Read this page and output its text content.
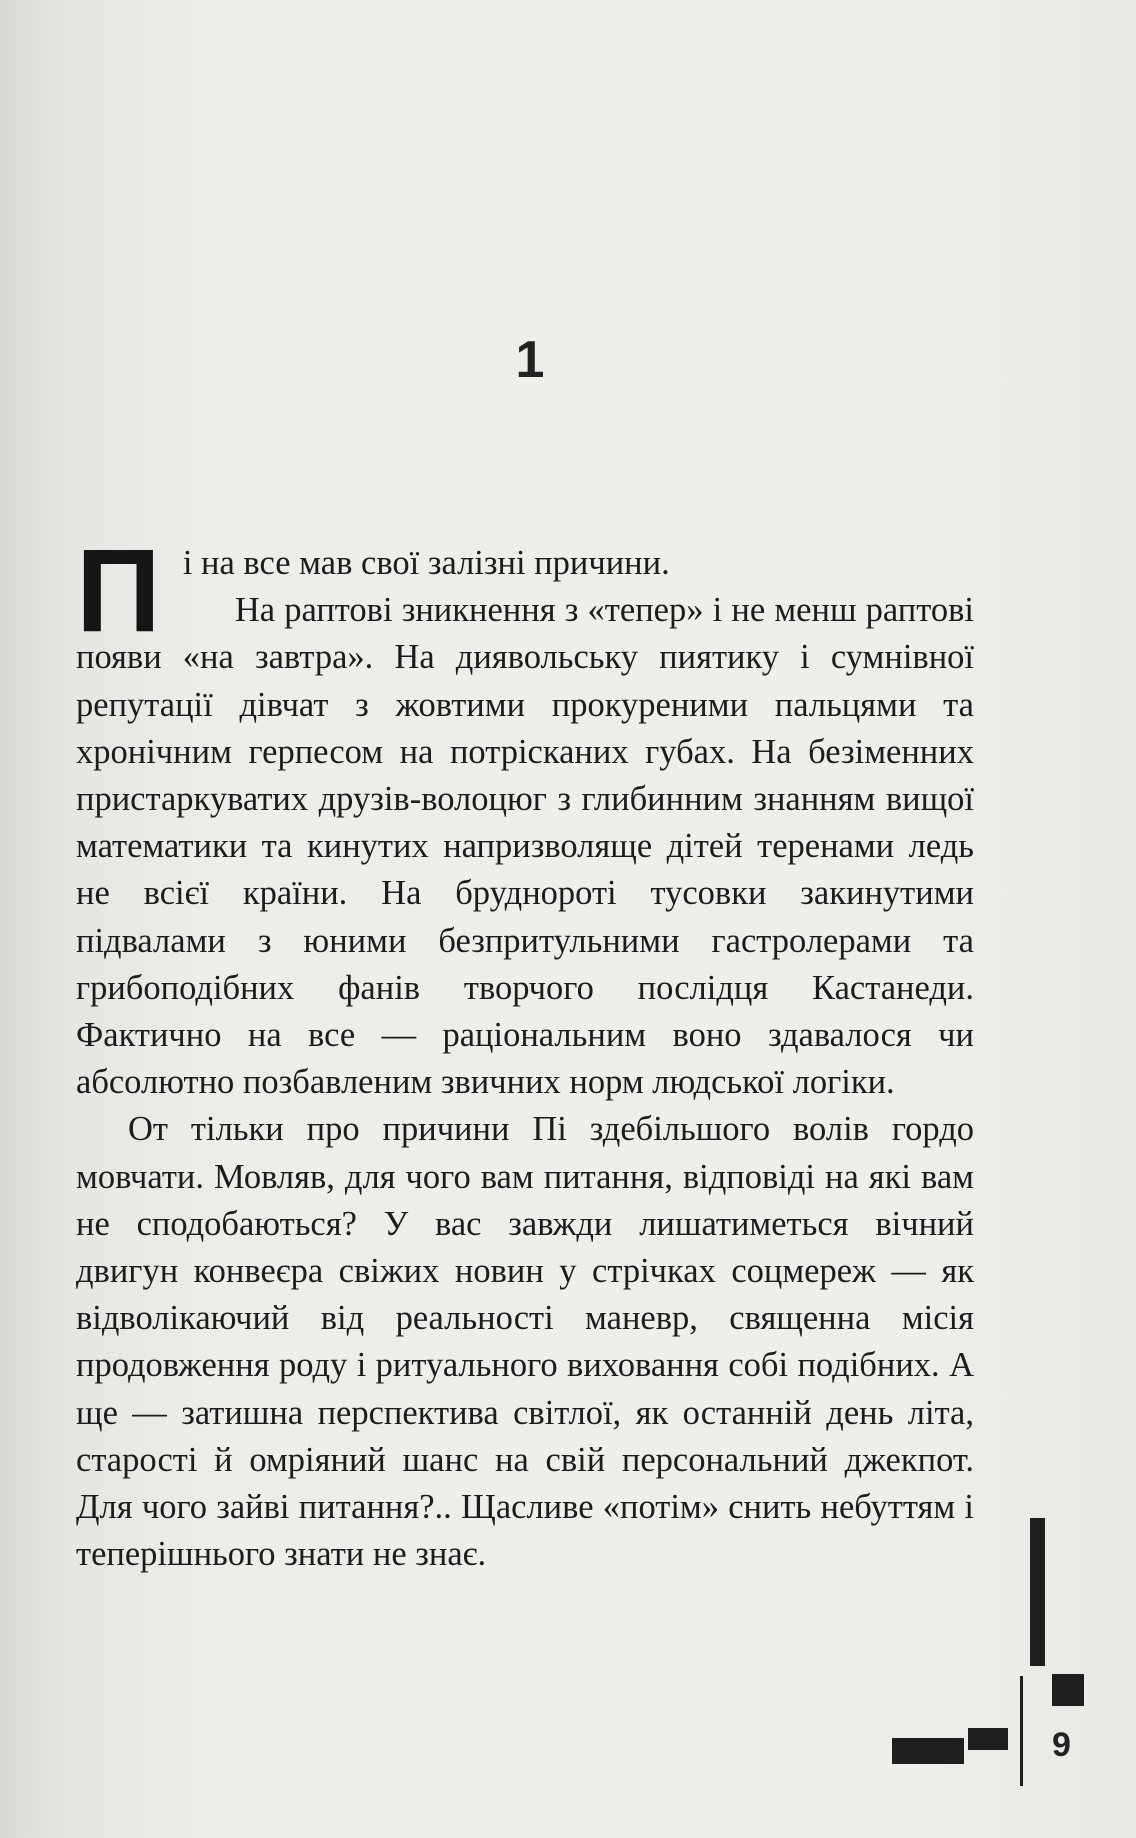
1

Пі на все мав свої залізні причини.

На раптові зникнення з «тепер» і не менш раптові появи «на завтра». На диявольську пиятику і сумнівної репутації дівчат з жовтими прокуреними пальцями та хронічним герпесом на потрісканих губах. На безіменних пристаркуватих друзів-волоцюг з глибинним знанням вищої математики та кинутих напризволяще дітей теренами ледь не всієї країни. На бруднороті тусовки закинутими підвалами з юними безпритульними гастролерами та грибоподібних фанів творчого послідця Кастанеди. Фактично на все — раціональним воно здавалося чи абсолютно позбавленим звичних норм людської логіки.

От тільки про причини Пі здебільшого волів гордо мовчати. Мовляв, для чого вам питання, відповіді на які вам не сподобаються? У вас завжди лишатиметься вічний двигун конвеєра свіжих новин у стрічках соцмереж — як відволікаючий від реальності маневр, священна місія продовження роду і ритуального виховання собі подібних. А ще — затишна перспектива світлої, як останній день літа, старості й омріяний шанс на свій персональний джекпот. Для чого зайві питання?.. Щасливе «потім» снить небуттям і теперішнього знати не знає.

9
